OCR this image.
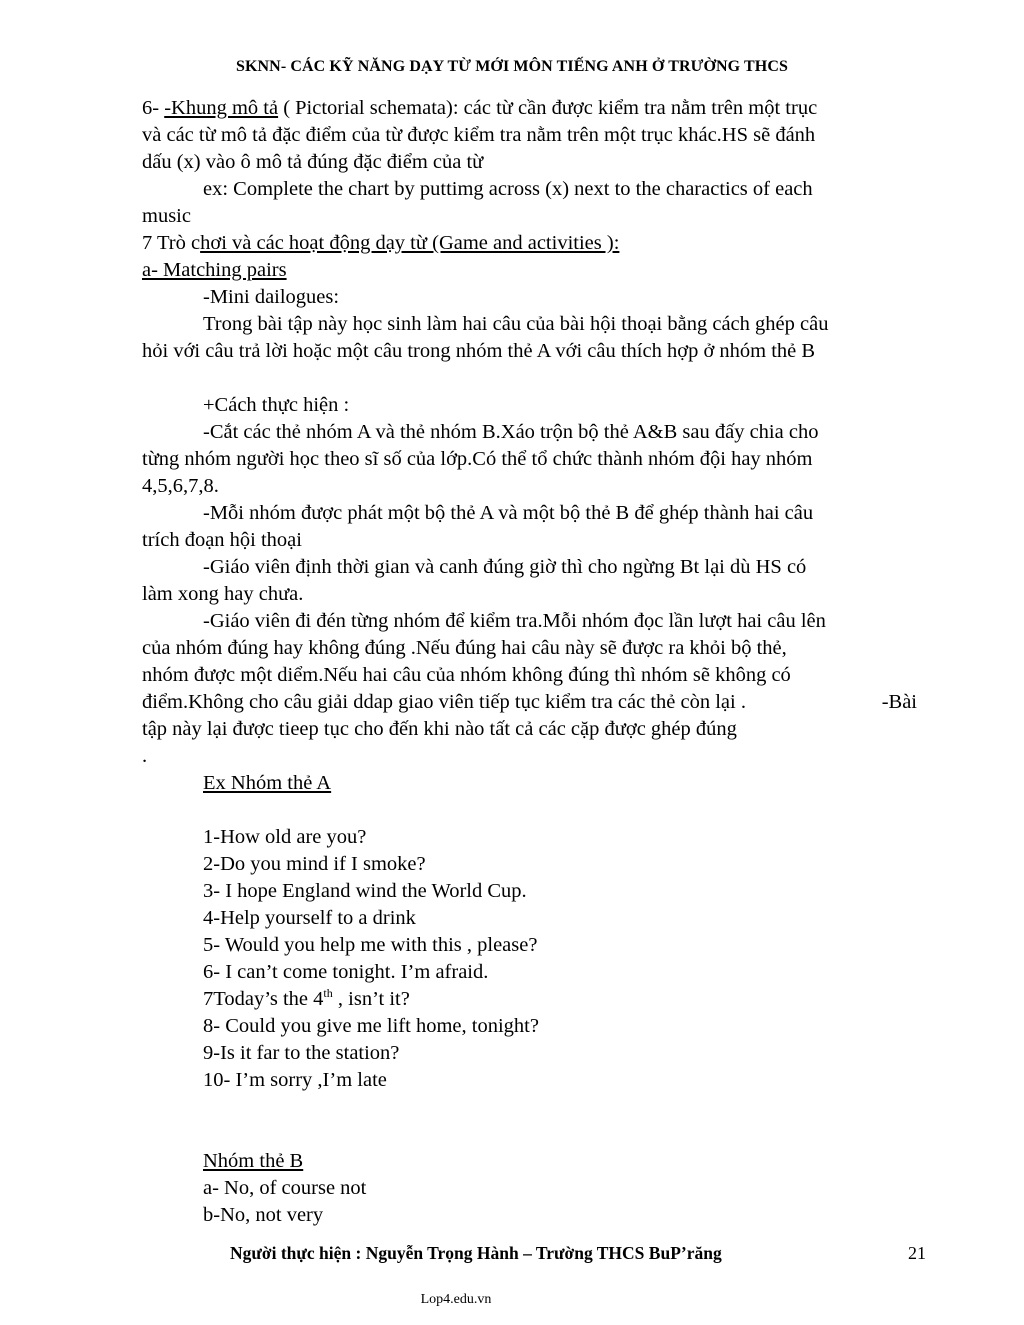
SKNN- CÁC KỸ NĂNG DẠY TỪ MỚI MÔN TIẾNG ANH Ở TRƯỜNG THCS
6- -Khung mô tả ( Pictorial schemata): các từ cần được kiểm tra nằm trên một trục
và các từ mô tả đặc điểm của từ được kiểm tra nằm trên một trục khác.HS sẽ đánh
dấu (x) vào ô mô tả đúng đặc điểm của từ
ex: Complete the chart by puttimg across (x) next to the charactics of each
music
7 Trò chơi và các hoạt động dạy từ (Game and activities ):
a- Matching pairs
-Mini dailogues:
Trong bài tập này học sinh làm hai câu của bài hội thoại bằng cách ghép câu
hỏi với câu trả lời hoặc một câu trong nhóm thẻ A với câu thích hợp ở nhóm thẻ B
+Cách thực hiện :
-Cắt các thẻ nhóm A và thẻ nhóm B.Xáo trộn bộ thẻ A&B sau đấy chia cho
từng nhóm người học theo sĩ số của lớp.Có thể tổ chức thành nhóm đội hay nhóm
4,5,6,7,8.
-Mỗi nhóm được phát một bộ thẻ A và một bộ thẻ B để ghép thành hai câu
trích đoạn hội thoại
-Giáo viên định thời gian và canh đúng giờ thì cho ngừng Bt lại dù HS có
làm xong hay chưa.
-Giáo viên đi đén từng nhóm để kiểm tra.Mỗi nhóm đọc lần lượt hai câu lên
của nhóm đúng hay không đúng .Nếu đúng hai câu này sẽ được ra khỏi bộ thẻ,
nhóm được một diểm.Nếu hai câu của nhóm không đúng thì nhóm sẽ không có
điểm.Không cho câu giải ddap giao viên tiếp tục kiểm tra các thẻ còn lại .	-Bài
tập này lại được tieep tục cho đến khi nào tất cả các cặp được ghép đúng
.
Ex Nhóm thẻ A
1-How old are you?
2-Do you mind if I smoke?
3- I hope England wind the World Cup.
4-Help yourself to a drink
5- Would you help me with this , please?
6- I can’t come tonight. I’m afraid.
7Today’s the 4th , isn’t it?
8- Could you give me lift home, tonight?
9-Is it far to the station?
10- I’m sorry ,I’m late
Nhóm thẻ B
a- No, of course not
b-No, not very
Người thực hiện : Nguyễn Trọng Hành – Trường THCS BuP’răng	21
Lop4.edu.vn
